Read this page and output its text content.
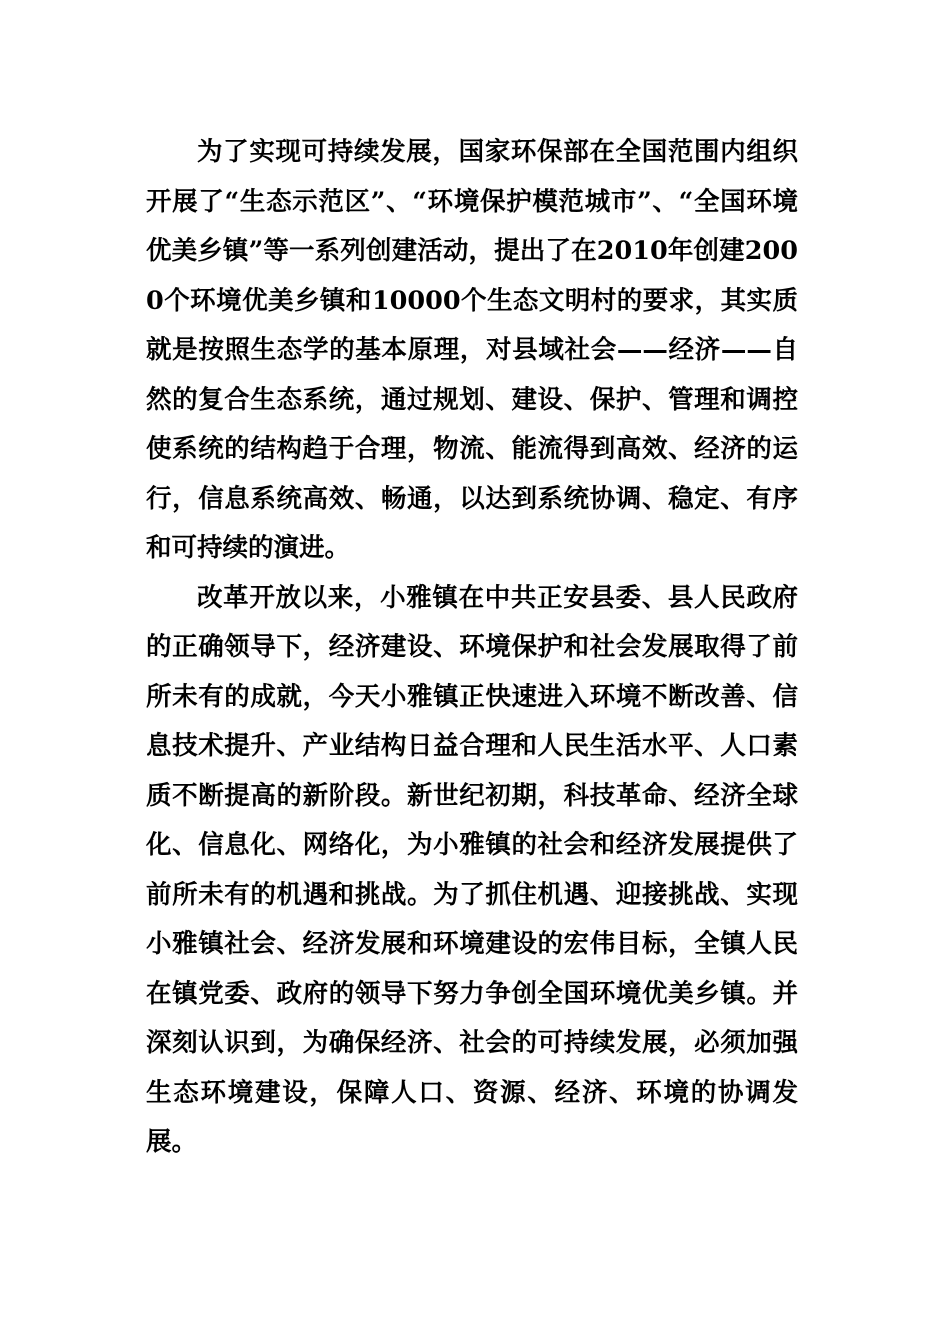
为了实现可持续发展，国家环保部在全国范围内组织开展了“生态示范区”、“环境保护模范城市”、“全国环境优美乡镇”等一系列创建活动，提出了在2010年创建2000个环境优美乡镇和10000个生态文明村的要求，其实质就是按照生态学的基本原理，对县域社会——经济——自然的复合生态系统，通过规划、建设、保护、管理和调控使系统的结构趋于合理，物流、能流得到高效、经济的运行，信息系统高效、畅通，以达到系统协调、稳定、有序和可持续的演进。

改革开放以来，小雅镇在中共正安县委、县人民政府的正确领导下，经济建设、环境保护和社会发展取得了前所未有的成就，今天小雅镇正快速进入环境不断改善、信息技术提升、产业结构日益合理和人民生活水平、人口素质不断提高的新阶段。新世纪初期，科技革命、经济全球化、信息化、网络化，为小雅镇的社会和经济发展提供了前所未有的机遇和挑战。为了抓住机遇、迎接挑战、实现小雅镇社会、经济发展和环境建设的宏伟目标，全镇人民在镇党委、政府的领导下努力争创全国环境优美乡镇。并深刻认识到，为确保经济、社会的可持续发展，必须加强生态环境建设，保障人口、资源、经济、环境的协调发展。
